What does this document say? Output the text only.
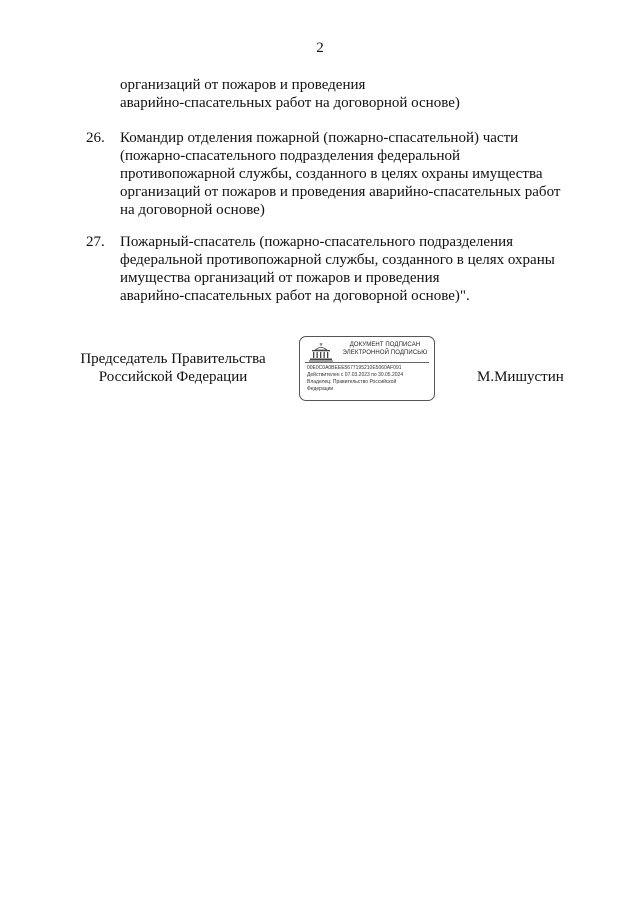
2
организаций от пожаров и проведения
аварийно-спасательных работ на договорной основе)
26.	Командир отделения пожарной (пожарно-спасательной) части
(пожарно-спасательного подразделения федеральной
противопожарной службы, созданного в целях охраны имущества
организаций от пожаров и проведения аварийно-спасательных работ
на договорной основе)
27.	Пожарный-спасатель (пожарно-спасательного подразделения
федеральной противопожарной службы, созданного в целях охраны
имущества организаций от пожаров и проведения
аварийно-спасательных работ на договорной основе)".
Председатель Правительства
Российской Федерации
ДОКУМЕНТ ПОДПИСАН
ЭЛЕКТРОННОЙ ПОДПИСЬЮ
00E0C0A0BEEE5677195210E5060AF091
Действителен с 07.03.2023 по 30.05.2024
Владелец: Правительство Российской
Федерации
М.Мишустин
